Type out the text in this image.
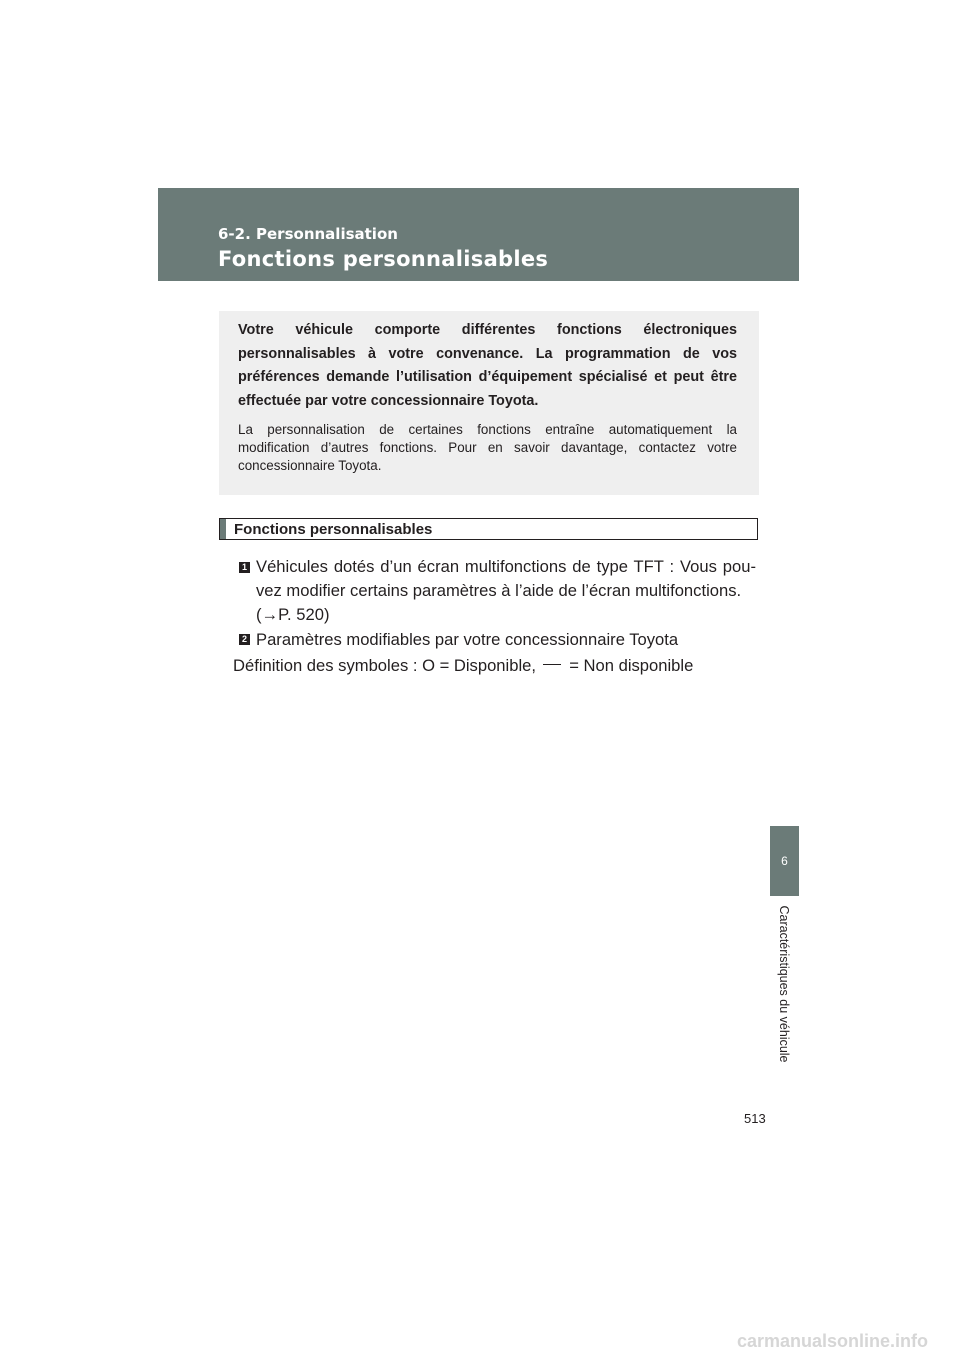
6-2. Personnalisation
Fonctions personnalisables

Votre véhicule comporte différentes fonctions électroniques personnalisables à votre convenance. La programmation de vos préférences demande l’utilisation d’équipement spécialisé et peut être effectuée par votre concessionnaire Toyota.

La personnalisation de certaines fonctions entraîne automatiquement la modification d’autres fonctions. Pour en savoir davantage, contactez votre concessionnaire Toyota.

Fonctions personnalisables
1 Véhicules dotés d’un écran multifonctions de type TFT : Vous pou-vez modifier certains paramètres à l’aide de l’écran multifonctions.
(→P. 520)

2 Paramètres modifiables par votre concessionnaire Toyota

Définition des symboles : O = Disponible, = Non disponible

6
Caractéristiques du véhicule
513
carmanualsonline.info
